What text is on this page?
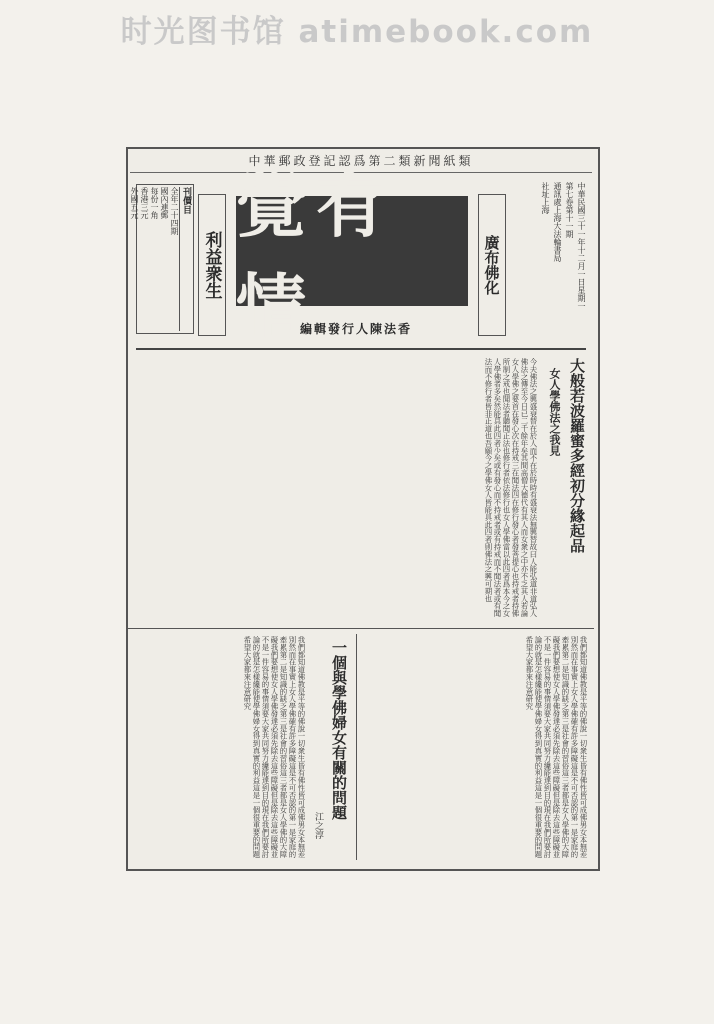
时光图书馆 atimebook.com
中華郵政登記認爲第二類新聞紙類
刊價目
全年二十四期
國內連郵
每份一角
香港三元
外國五元
利益衆生
覺有情
編輯發行人陳法香
廣布佛化	中華民國三十一年十二月一日星期一
第七卷第十一期
通訊處上海大法輪書局
社址上海
大般若波羅蜜多經初分緣起品
女人學佛法之我見
今夫佛法之興盛衰替在於人而不在於時時有盛衰法無興替故曰人能弘道非道弘人佛法之傳至今日已二千餘年矣其間高僧大德代有其人而女衆之中亦不乏其人若論女人學佛之要首在發心次在持戒三在聞法四在修行發心者發菩提心也持戒者持佛所制之戒也聞法者聽聞正法也修行者依法修行也女人學佛當以此四者爲本今之女人學佛者多矣然能具此四者少矣或有發心而不持戒者或有持戒而不聞法者或有聞法而不修行者皆非正道也吾願今之學佛女人皆能具此四者則佛法之興可期也
一個與學佛婦女有關的問題
江之淳
我們都知道佛教是平等的佛說一切衆生皆有佛性皆可成佛男女本無差別然而在事實上女人學佛確有許多障礙這是不可否認的第一是家庭的牽累第二是知識的缺乏第三是社會的習俗這三者都是女人學佛的大障礙我們要想使女人學佛發達必須先除去這些障礙但是除去這些障礙並不是一件容易的事情須要大家共同努力纔能達到目的現在我們所要討論的就是怎樣纔能使學佛婦女得到真實的利益這是一個很重要的問題希望大家都來注意研究	我們都知道佛教是平等的佛說一切衆生皆有佛性皆可成佛男女本無差別然而在事實上女人學佛確有許多障礙這是不可否認的第一是家庭的牽累第二是知識的缺乏第三是社會的習俗這三者都是女人學佛的大障礙我們要想使女人學佛發達必須先除去這些障礙但是除去這些障礙並不是一件容易的事情須要大家共同努力纔能達到目的現在我們所要討論的就是怎樣纔能使學佛婦女得到真實的利益這是一個很重要的問題希望大家都來注意研究
